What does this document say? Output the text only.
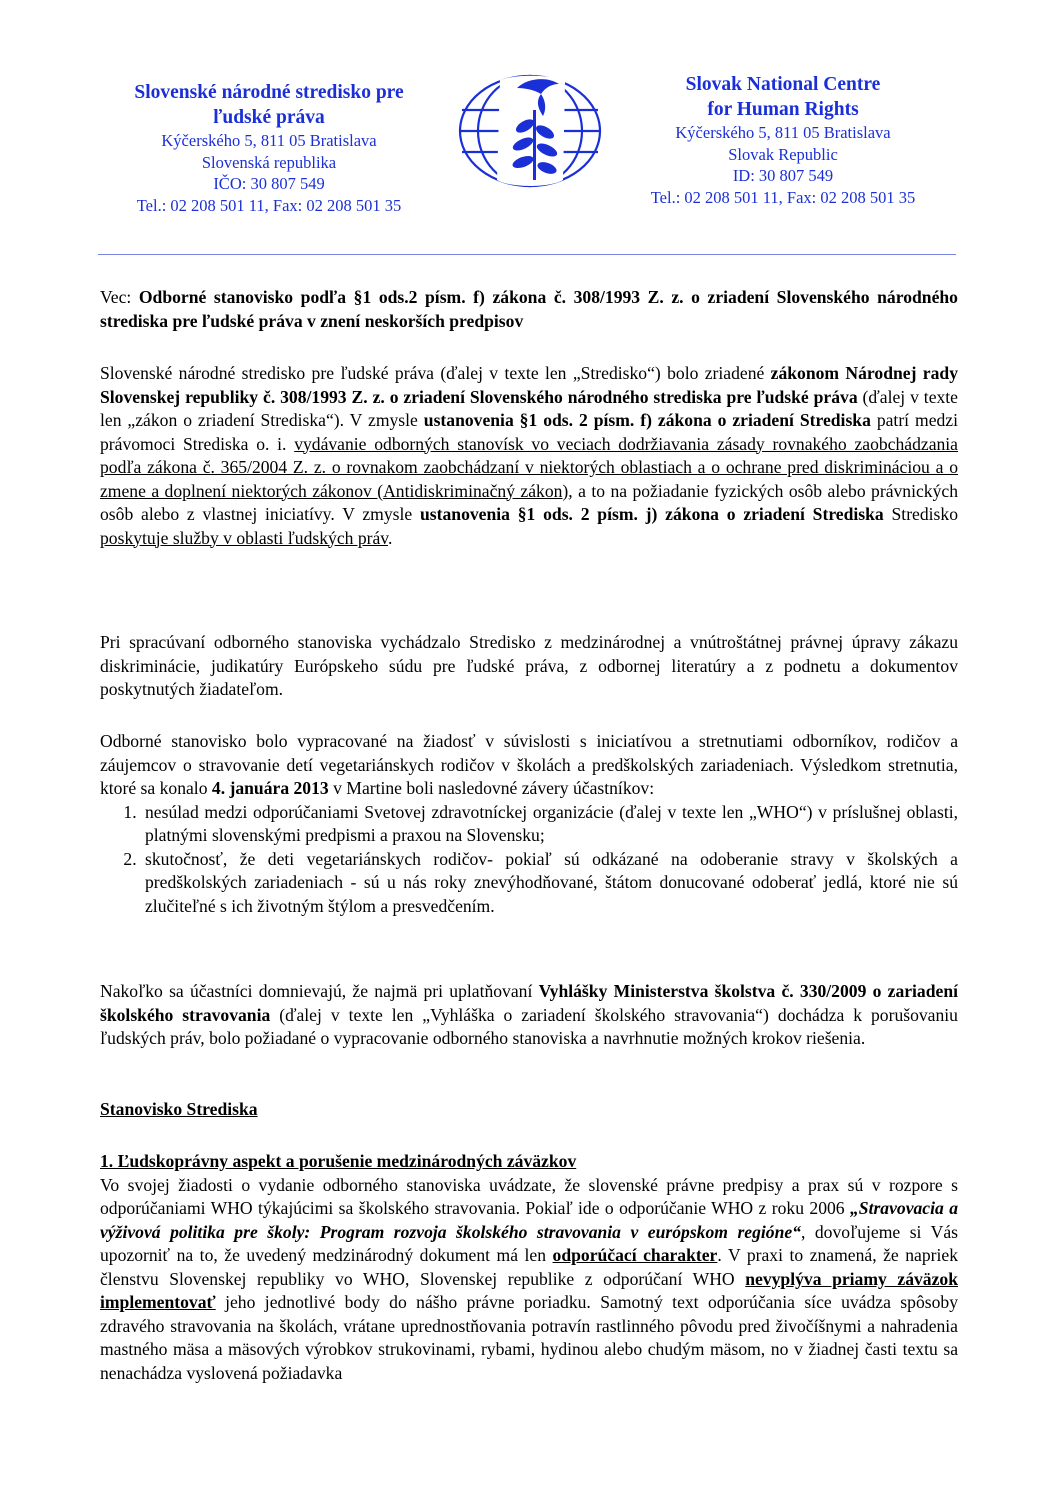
Slovenské národné stredisko pre
ľudské práva
Kýčerského 5, 811 05 Bratislava
Slovenská republika
IČO: 30 807 549
Tel.: 02 208 501 11, Fax: 02 208 501 35
Slovak National Centre
for Human Rights
Kýčerského 5, 811 05 Bratislava
Slovak Republic
ID: 30 807 549
Tel.: 02 208 501 11, Fax: 02 208 501 35

Vec: Odborné stanovisko podľa §1 ods.2 písm. f) zákona č. 308/1993 Z. z. o zriadení Slovenského národného strediska pre ľudské práva v znení neskorších predpisov

Slovenské národné stredisko pre ľudské práva (ďalej v texte len „Stredisko“) bolo zriadené zákonom Národnej rady Slovenskej republiky č. 308/1993 Z. z. o zriadení Slovenského národného strediska pre ľudské práva (ďalej v texte len „zákon o zriadení Strediska“). V zmysle ustanovenia §1 ods. 2 písm. f) zákona o zriadení Strediska patrí medzi právomoci Strediska o. i. vydávanie odborných stanovísk vo veciach dodržiavania zásady rovnakého zaobchádzania podľa zákona č. 365/2004 Z. z. o rovnakom zaobchádzaní v niektorých oblastiach a o ochrane pred diskrimináciou a o zmene a doplnení niektorých zákonov (Antidiskriminačný zákon), a to na požiadanie fyzických osôb alebo právnických osôb alebo z vlastnej iniciatívy. V zmysle ustanovenia §1 ods. 2 písm. j) zákona o zriadení Strediska Stredisko poskytuje služby v oblasti ľudských práv.

Pri spracúvaní odborného stanoviska vychádzalo Stredisko z medzinárodnej a vnútroštátnej právnej úpravy zákazu diskriminácie, judikatúry Európskeho súdu pre ľudské práva, z odbornej literatúry a z podnetu a dokumentov poskytnutých žiadateľom.

Odborné stanovisko bolo vypracované na žiadosť v súvislosti s iniciatívou a stretnutiami odborníkov, rodičov a záujemcov o stravovanie detí vegetariánskych rodičov v školách a predškolských zariadeniach. Výsledkom stretnutia, ktoré sa konalo 4. januára 2013 v Martine boli nasledovné závery účastníkov:

1. nesúlad medzi odporúčaniami Svetovej zdravotníckej organizácie (ďalej v texte len „WHO“) v príslušnej oblasti, platnými slovenskými predpismi a praxou na Slovensku;
2. skutočnosť, že deti vegetariánskych rodičov- pokiaľ sú odkázané na odoberanie stravy v školských a predškolských zariadeniach - sú u nás roky znevýhodňované, štátom donucované odoberať jedlá, ktoré nie sú zlučiteľné s ich životným štýlom a presvedčením.

Nakoľko sa účastníci domnievajú, že najmä pri uplatňovaní Vyhlášky Ministerstva školstva č. 330/2009 o zariadení školského stravovania (ďalej v texte len „Vyhláška o zariadení školského stravovania“) dochádza k porušovaniu ľudských práv, bolo požiadané o vypracovanie odborného stanoviska a navrhnutie možných krokov riešenia.

Stanovisko Strediska

1. Ľudskoprávny aspekt a porušenie medzinárodných záväzkov

Vo svojej žiadosti o vydanie odborného stanoviska uvádzate, že slovenské právne predpisy a prax sú v rozpore s odporúčaniami WHO týkajúcimi sa školského stravovania. Pokiaľ ide o odporúčanie WHO z roku 2006 „Stravovacia a výživová politika pre školy: Program rozvoja školského stravovania v európskom regióne“, dovoľujeme si Vás upozorniť na to, že uvedený medzinárodný dokument má len odporúčací charakter. V praxi to znamená, že napriek členstvu Slovenskej republiky vo WHO, Slovenskej republike z odporúčaní WHO nevyplýva priamy záväzok implementovať jeho jednotlivé body do nášho právne poriadku. Samotný text odporúčania síce uvádza spôsoby zdravého stravovania na školách, vrátane uprednostňovania potravín rastlinného pôvodu pred živočíšnymi a nahradenia mastného mäsa a mäsových výrobkov strukovinami, rybami, hydinou alebo chudým mäsom, no v žiadnej časti textu sa nenachádza vyslovená požiadavka
